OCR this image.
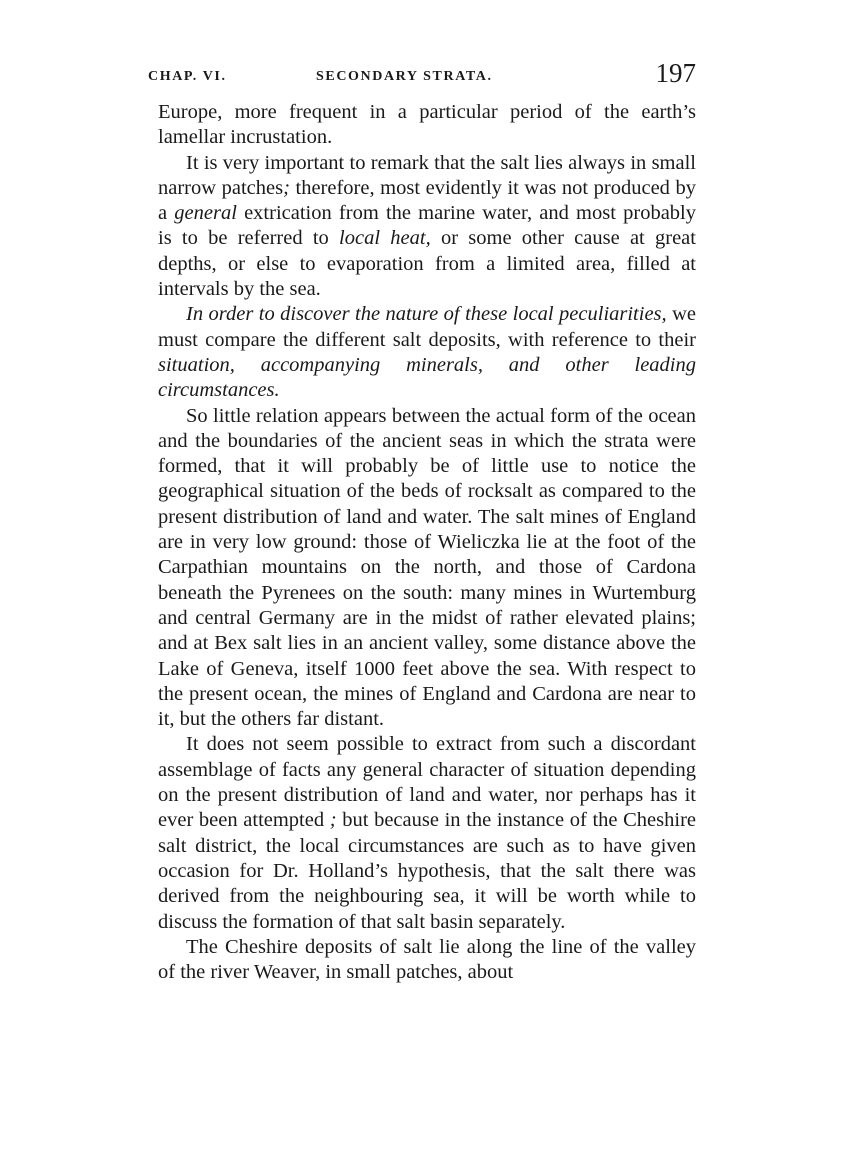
CHAP. VI.	SECONDARY STRATA.	197

Europe, more frequent in a particular period of the earth’s lamellar incrustation.

It is very important to remark that the salt lies always in small narrow patches; therefore, most evidently it was not produced by a general extrication from the marine water, and most probably is to be referred to local heat, or some other cause at great depths, or else to evaporation from a limited area, filled at intervals by the sea.

In order to discover the nature of these local peculiarities, we must compare the different salt deposits, with reference to their situation, accompanying minerals, and other leading circumstances.

So little relation appears between the actual form of the ocean and the boundaries of the ancient seas in which the strata were formed, that it will probably be of little use to notice the geographical situation of the beds of rocksalt as compared to the present distribution of land and water. The salt mines of England are in very low ground: those of Wieliczka lie at the foot of the Carpathian mountains on the north, and those of Cardona beneath the Pyrenees on the south: many mines in Wurtemburg and central Germany are in the midst of rather elevated plains; and at Bex salt lies in an ancient valley, some distance above the Lake of Geneva, itself 1000 feet above the sea. With respect to the present ocean, the mines of England and Cardona are near to it, but the others far distant.

It does not seem possible to extract from such a discordant assemblage of facts any general character of situation depending on the present distribution of land and water, nor perhaps has it ever been attempted ; but because in the instance of the Cheshire salt district, the local circumstances are such as to have given occasion for Dr. Holland’s hypothesis, that the salt there was derived from the neighbouring sea, it will be worth while to discuss the formation of that salt basin separately.

The Cheshire deposits of salt lie along the line of the valley of the river Weaver, in small patches, about
